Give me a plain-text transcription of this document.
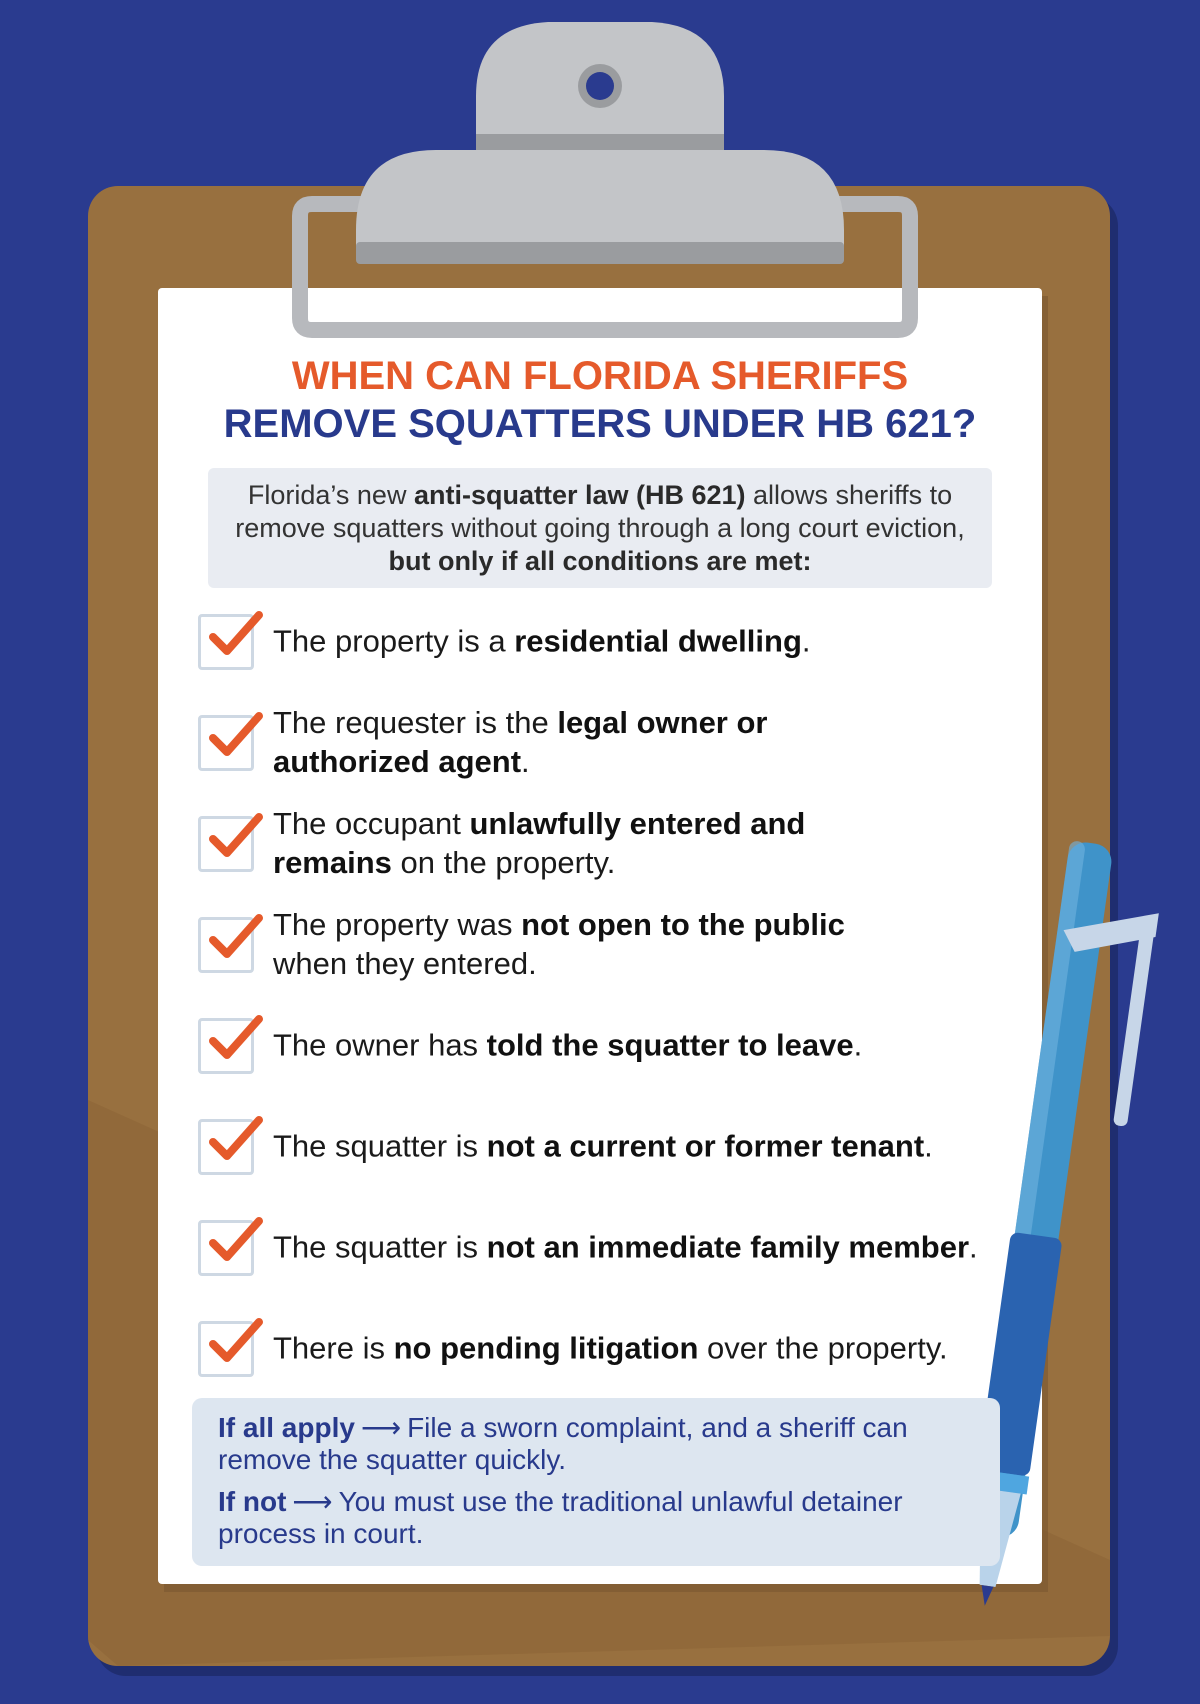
WHEN CAN FLORIDA SHERIFFS
REMOVE SQUATTERS UNDER HB 621?
Florida’s new anti-squatter law (HB 621) allows sheriffs to remove squatters without going through a long court eviction, but only if all conditions are met:
The property is a residential dwelling.
The requester is the legal owner or authorized agent.
The occupant unlawfully entered and remains on the property.
The property was not open to the public when they entered.
The owner has told the squatter to leave.
The squatter is not a current or former tenant.
The squatter is not an immediate family member.
There is no pending litigation over the property.

If all apply ⟶ File a sworn complaint, and a sheriff can remove the squatter quickly.

If not ⟶ You must use the traditional unlawful detainer process in court.
